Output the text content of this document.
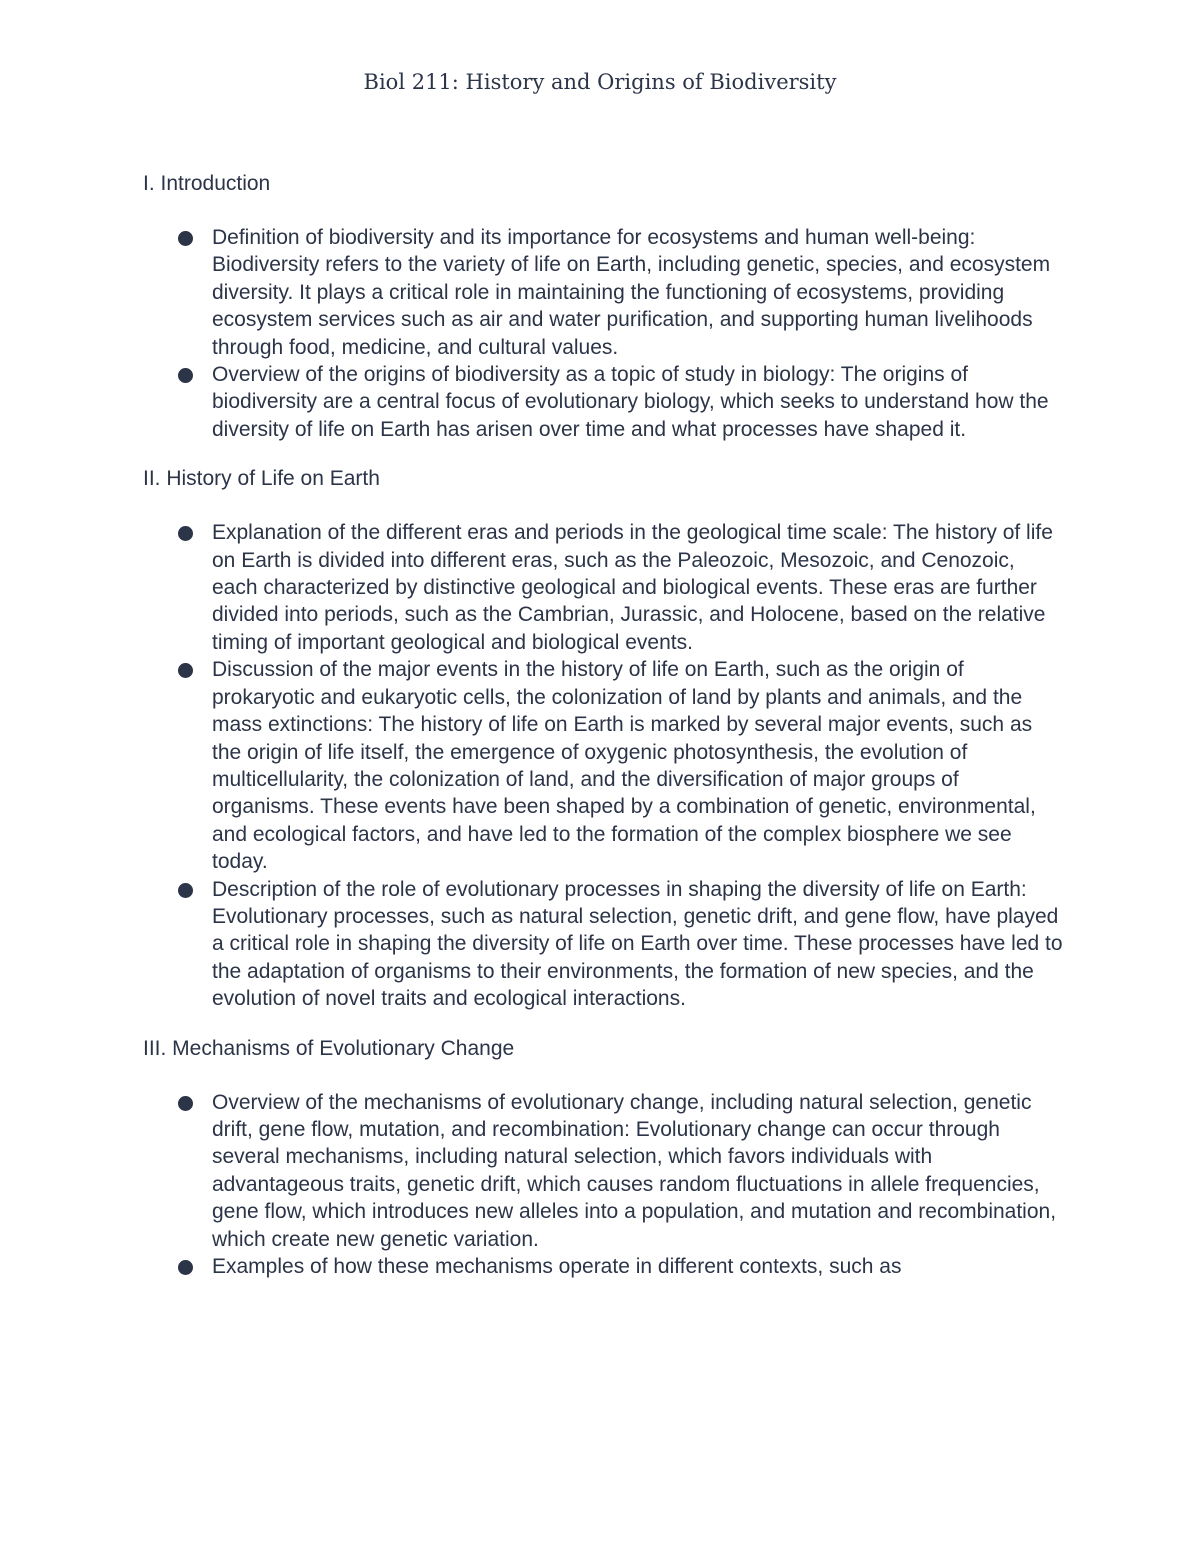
Biol 211: History and Origins of Biodiversity
I. Introduction
Definition of biodiversity and its importance for ecosystems and human well-being: Biodiversity refers to the variety of life on Earth, including genetic, species, and ecosystem diversity. It plays a critical role in maintaining the functioning of ecosystems, providing ecosystem services such as air and water purification, and supporting human livelihoods through food, medicine, and cultural values.
Overview of the origins of biodiversity as a topic of study in biology: The origins of biodiversity are a central focus of evolutionary biology, which seeks to understand how the diversity of life on Earth has arisen over time and what processes have shaped it.
II. History of Life on Earth
Explanation of the different eras and periods in the geological time scale: The history of life on Earth is divided into different eras, such as the Paleozoic, Mesozoic, and Cenozoic, each characterized by distinctive geological and biological events. These eras are further divided into periods, such as the Cambrian, Jurassic, and Holocene, based on the relative timing of important geological and biological events.
Discussion of the major events in the history of life on Earth, such as the origin of prokaryotic and eukaryotic cells, the colonization of land by plants and animals, and the mass extinctions: The history of life on Earth is marked by several major events, such as the origin of life itself, the emergence of oxygenic photosynthesis, the evolution of multicellularity, the colonization of land, and the diversification of major groups of organisms. These events have been shaped by a combination of genetic, environmental, and ecological factors, and have led to the formation of the complex biosphere we see today.
Description of the role of evolutionary processes in shaping the diversity of life on Earth: Evolutionary processes, such as natural selection, genetic drift, and gene flow, have played a critical role in shaping the diversity of life on Earth over time. These processes have led to the adaptation of organisms to their environments, the formation of new species, and the evolution of novel traits and ecological interactions.
III. Mechanisms of Evolutionary Change
Overview of the mechanisms of evolutionary change, including natural selection, genetic drift, gene flow, mutation, and recombination: Evolutionary change can occur through several mechanisms, including natural selection, which favors individuals with advantageous traits, genetic drift, which causes random fluctuations in allele frequencies, gene flow, which introduces new alleles into a population, and mutation and recombination, which create new genetic variation.
Examples of how these mechanisms operate in different contexts, such as
